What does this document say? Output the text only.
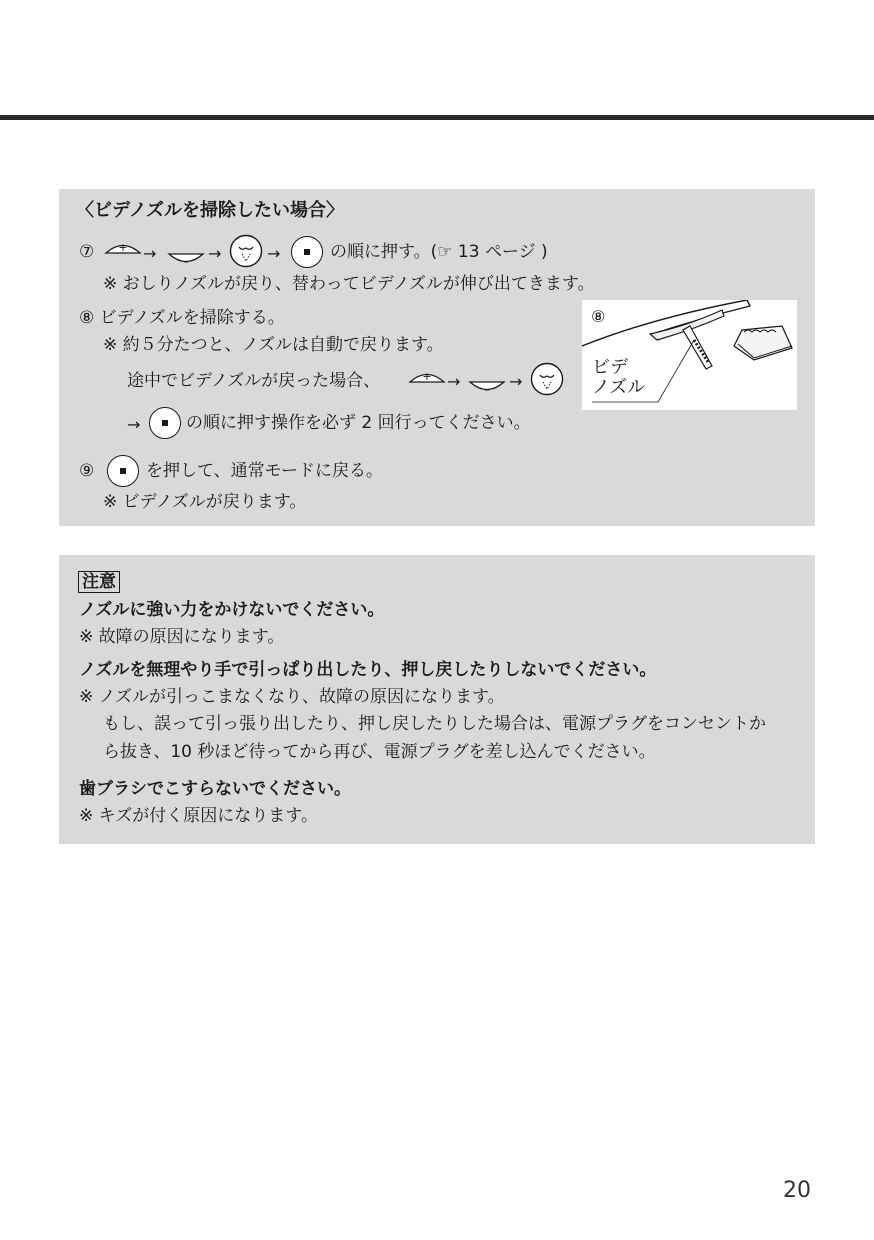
〈ビデノズルを掃除したい場合〉
⑦ + → – →	→	の順に押す。(☞ 13 ページ )
※ おしりノズルが戻り、替わってビデノズルが伸び出てきます。
⑧ ビデノズルを掃除する。
※ 約５分たつと、ノズルは自動で戻ります。
途中でビデノズルが戻った場合、	+ → – →
→	の順に押す操作を必ず 2 回行ってください。
⑧
ビデ
ノズル
⑨	を押して、通常モードに戻る。
※ ビデノズルが戻ります。
注意
ノズルに強い力をかけないでください。
※ 故障の原因になります。
ノズルを無理やり手で引っぱり出したり、押し戻したりしないでください。
※ ノズルが引っこまなくなり、故障の原因になります。
もし、誤って引っ張り出したり、押し戻したりした場合は、電源プラグをコンセントか
ら抜き、10 秒ほど待ってから再び、電源プラグを差し込んでください。
歯ブラシでこすらないでください。
※ キズが付く原因になります。
20
